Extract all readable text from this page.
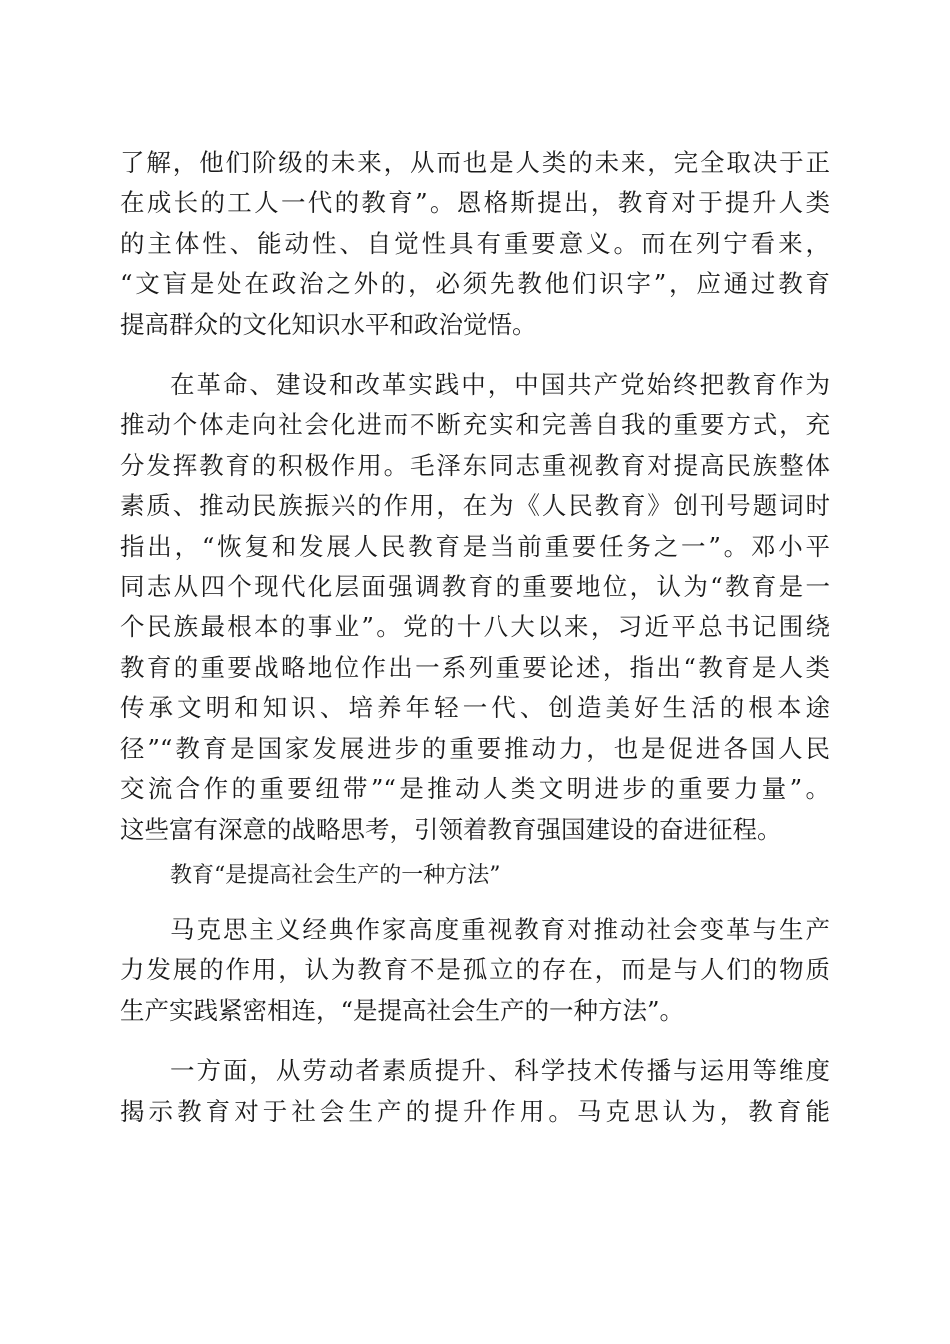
了解，他们阶级的未来，从而也是人类的未来，完全取决于正
在成长的工人一代的教育”。恩格斯提出，教育对于提升人类
的主体性、能动性、自觉性具有重要意义。而在列宁看来，
“文盲是处在政治之外的，必须先教他们识字”，应通过教育
提高群众的文化知识水平和政治觉悟。
在革命、建设和改革实践中，中国共产党始终把教育作为
推动个体走向社会化进而不断充实和完善自我的重要方式，充
分发挥教育的积极作用。毛泽东同志重视教育对提高民族整体
素质、推动民族振兴的作用，在为《人民教育》创刊号题词时
指出，“恢复和发展人民教育是当前重要任务之一”。邓小平
同志从四个现代化层面强调教育的重要地位，认为“教育是一
个民族最根本的事业”。党的十八大以来，习近平总书记围绕
教育的重要战略地位作出一系列重要论述，指出“教育是人类
传承文明和知识、培养年轻一代、创造美好生活的根本途
径”“教育是国家发展进步的重要推动力，也是促进各国人民
交流合作的重要纽带”“是推动人类文明进步的重要力量”。
这些富有深意的战略思考，引领着教育强国建设的奋进征程。
教育“是提高社会生产的一种方法”
马克思主义经典作家高度重视教育对推动社会变革与生产
力发展的作用，认为教育不是孤立的存在，而是与人们的物质
生产实践紧密相连，“是提高社会生产的一种方法”。
一方面，从劳动者素质提升、科学技术传播与运用等维度
揭示教育对于社会生产的提升作用。马克思认为，教育能
